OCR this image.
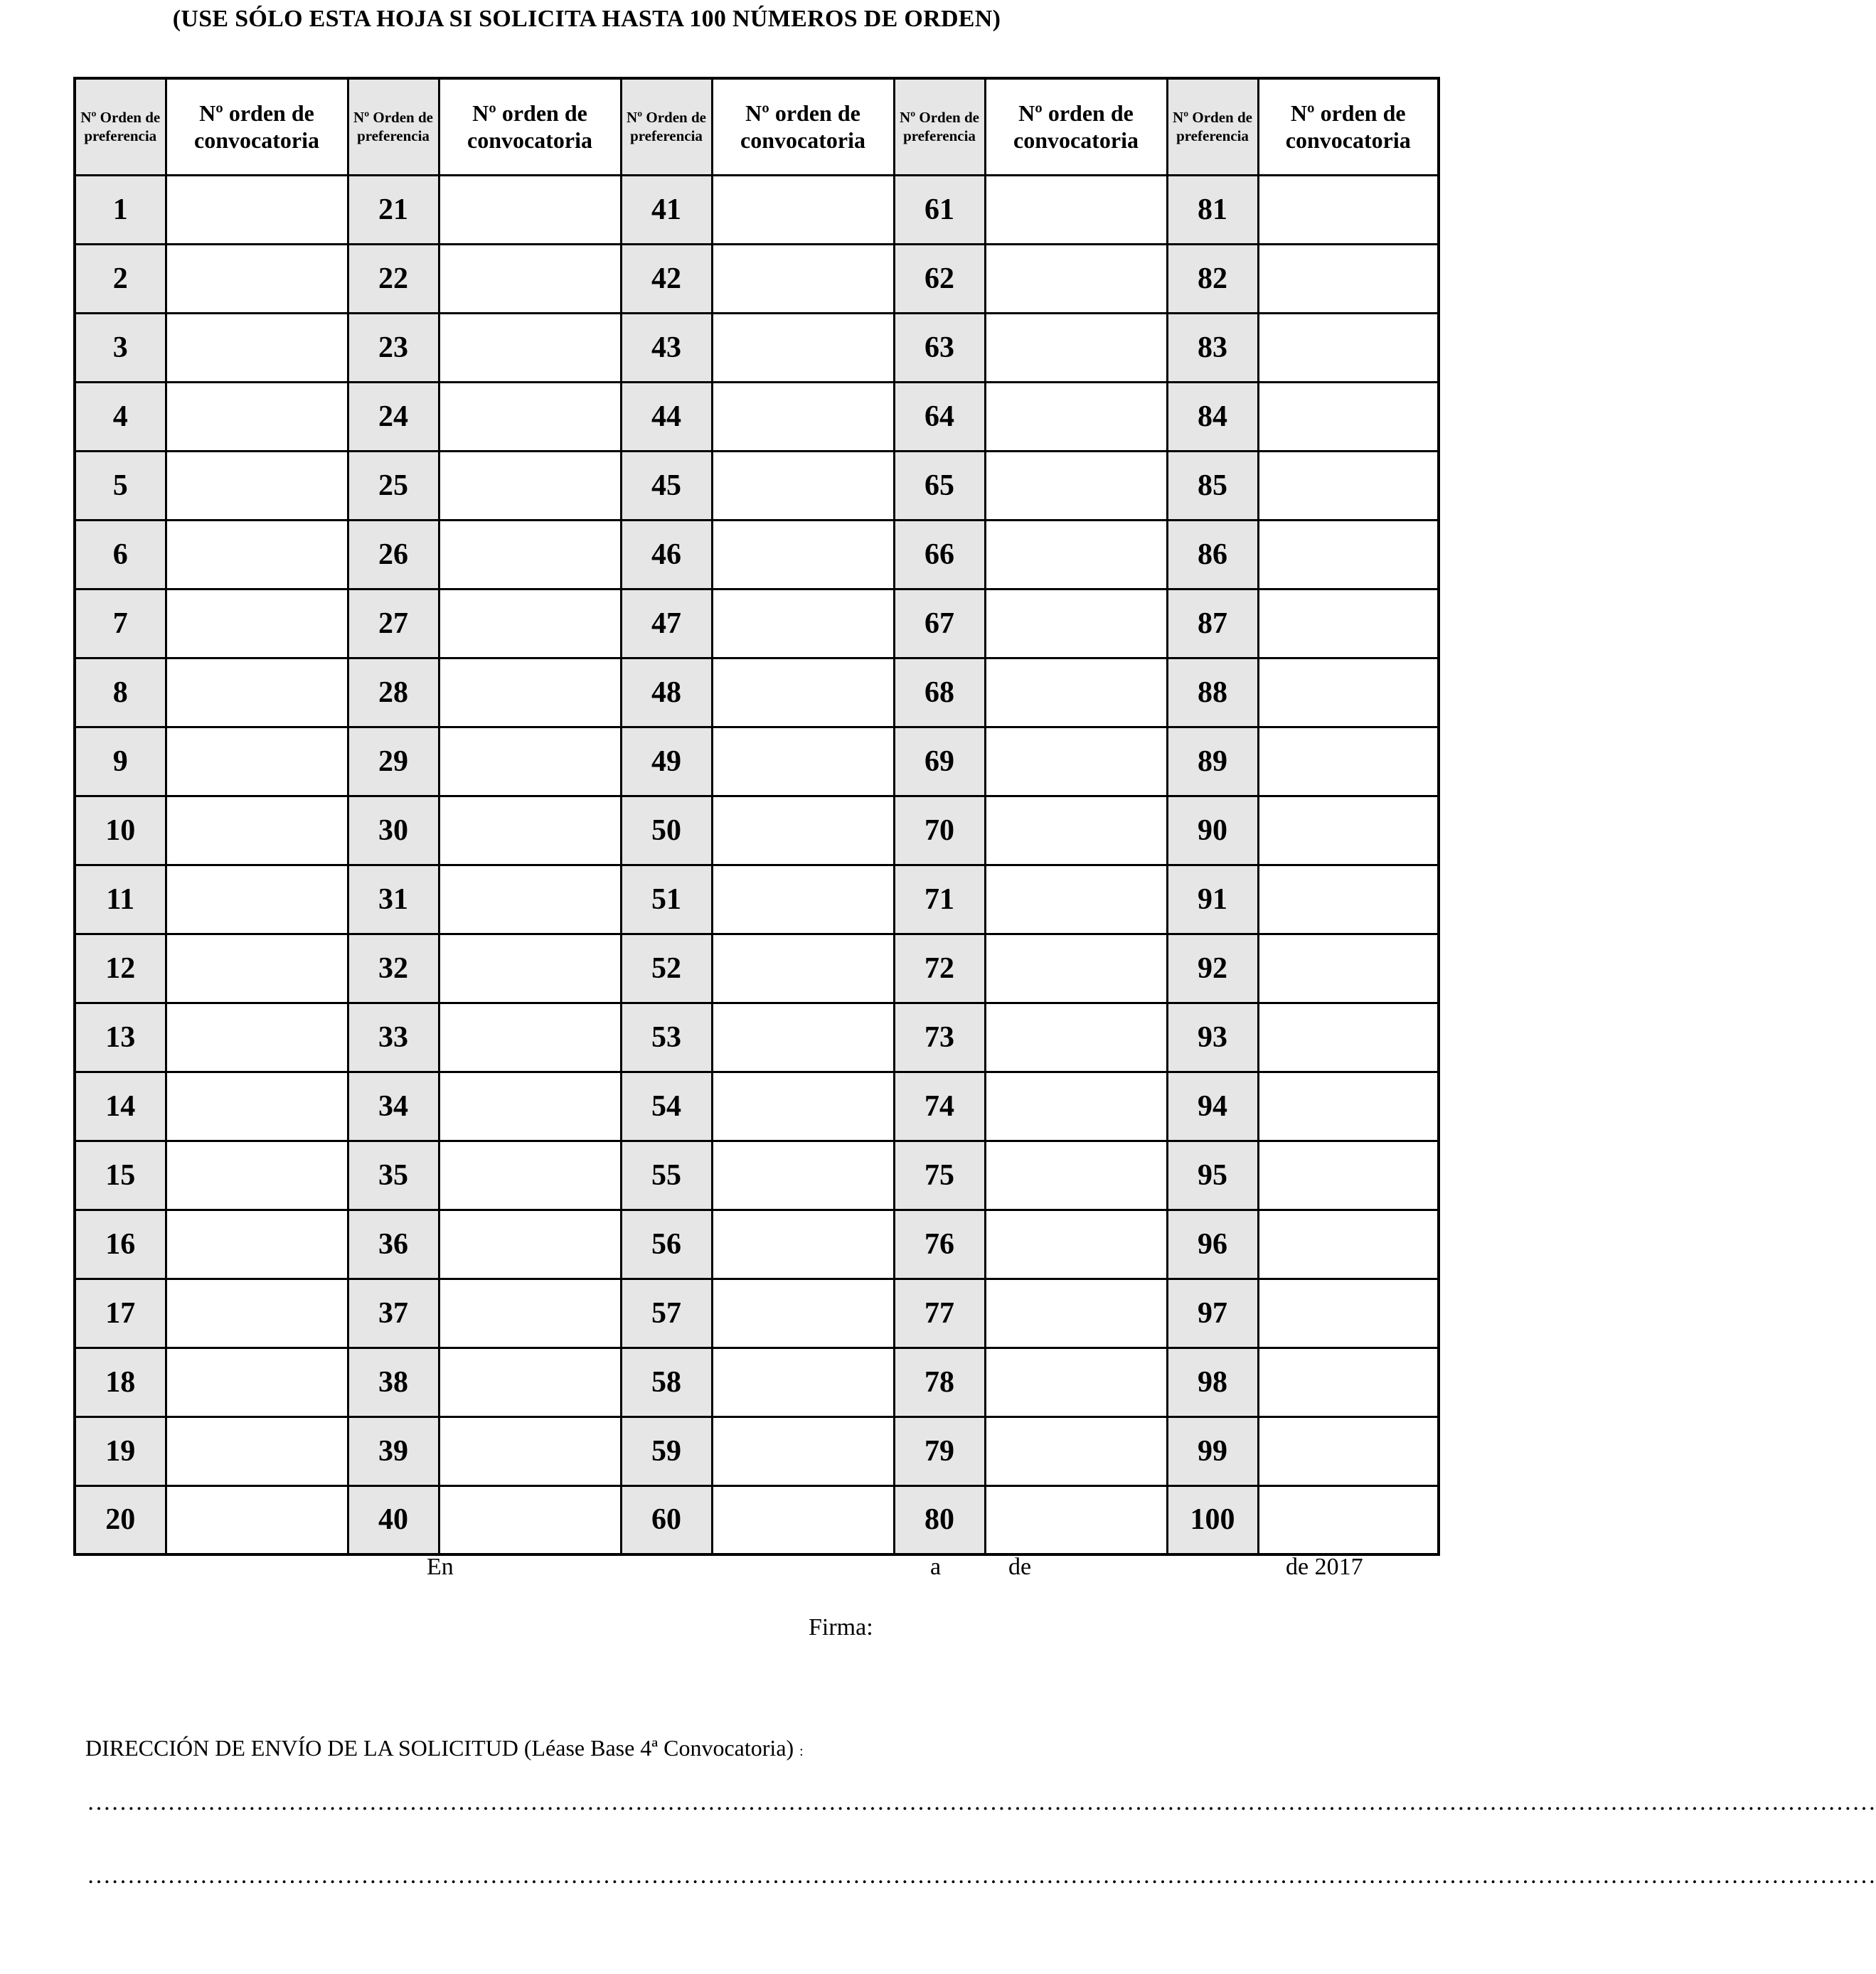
(USE SÓLO ESTA HOJA SI SOLICITA HASTA 100 NÚMEROS DE ORDEN)
Nº Orden de preferencia	Nº orden de convocatoria	Nº Orden de preferencia	Nº orden de convocatoria	Nº Orden de preferencia	Nº orden de convocatoria	Nº Orden de preferencia	Nº orden de convocatoria	Nº Orden de preferencia	Nº orden de convocatoria
1		21		41		61		81	
2		22		42		62		82	
3		23		43		63		83	
4		24		44		64		84	
5		25		45		65		85	
6		26		46		66		86	
7		27		47		67		87	
8		28		48		68		88	
9		29		49		69		89	
10		30		50		70		90	
11		31		51		71		91	
12		32		52		72		92	
13		33		53		73		93	
14		34		54		74		94	
15		35		55		75		95	
16		36		56		76		96	
17		37		57		77		97	
18		38		58		78		98	
19		39		59		79		99	
20		40		60		80		100	
En	a	de	de 2017
Firma:
DIRECCIÓN DE ENVÍO DE LA SOLICITUD (Léase Base 4ª Convocatoria) :
……………………………………………………………………………………………………………………………………………………………………………………………………
……………………………………………………………………………………………………………………………………………………………………………………………………
